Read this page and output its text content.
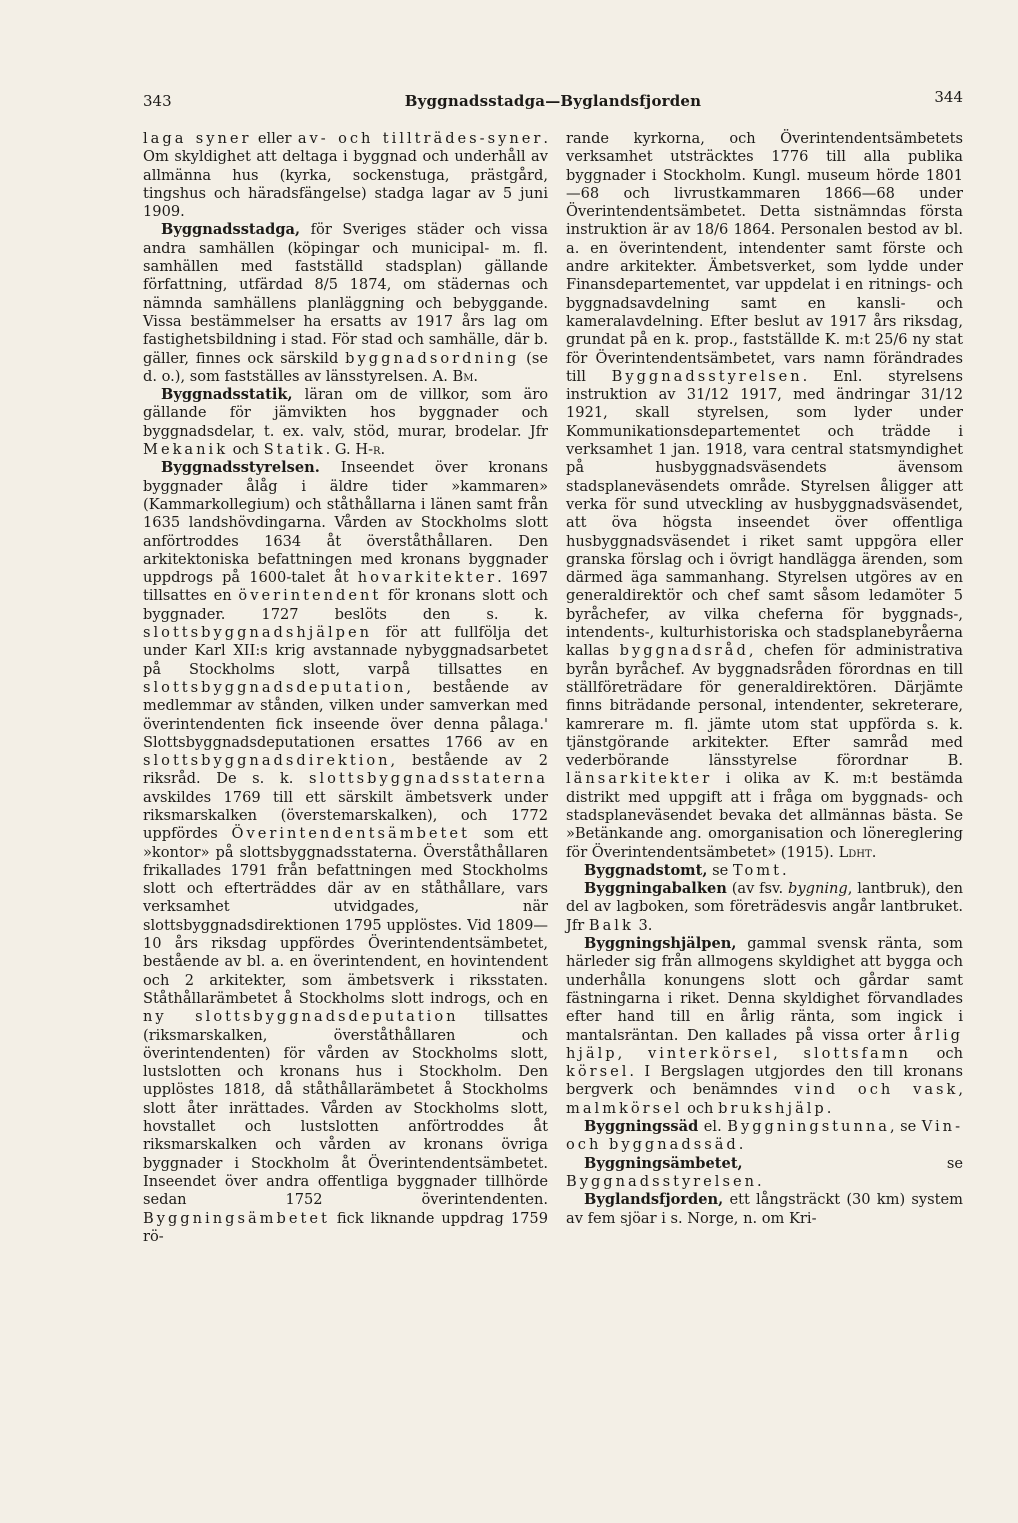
343	Byggnadsstadga—Byglandsfjorden	344

laga syner eller av- och tillträdes-syner. Om skyldighet att deltaga i byggnad och underhåll av allmänna hus (kyrka, sockenstuga, prästgård, tingshus och häradsfängelse) stadga lagar av 5 juni 1909.

Byggnadsstadga, för Sveriges städer och vissa andra samhällen (köpingar och municipal- m. fl. samhällen med fastställd stadsplan) gällande författning, utfärdad 8/5 1874, om städernas och nämnda samhällens planläggning och bebyggande. Vissa bestämmelser ha ersatts av 1917 års lag om fastighetsbildning i stad. För stad och samhälle, där b. gäller, finnes ock särskild byggnadsordning (se d. o.), som fastställes av länsstyrelsen. A. Bm.

Byggnadsstatik, läran om de villkor, som äro gällande för jämvikten hos byggnader och byggnadsdelar, t. ex. valv, stöd, murar, brodelar. Jfr Mekanik och Statik. G. H-r.

Byggnadsstyrelsen. Inseendet över kronans byggnader ålåg i äldre tider »kammaren» (Kammarkollegium) och ståthållarna i länen samt från 1635 landshövdingarna. Vården av Stockholms slott anförtroddes 1634 åt överståthållaren. Den arkitektoniska befattningen med kronans byggnader uppdrogs på 1600-talet åt hovarkitekter. 1697 tillsattes en överintendent för kronans slott och byggnader. 1727 beslöts den s. k. slottsbyggnadshjälpen för att fullfölja det under Karl XII:s krig avstannade nybyggnadsarbetet på Stockholms slott, varpå tillsattes en slottsbyggnadsdeputation, bestående av medlemmar av stånden, vilken under samverkan med överintendenten fick inseende över denna pålaga.' Slottsbyggnadsdeputationen ersattes 1766 av en slottsbyggnadsdirektion, bestående av 2 riksråd. De s. k. slottsbyggnadsstaterna avskildes 1769 till ett särskilt ämbetsverk under riksmarskalken (överstemarskalken), och 1772 uppfördes Överintendentsämbetet som ett »kontor» på slottsbyggnadsstaterna. Överståthållaren frikallades 1791 från befattningen med Stockholms slott och efterträddes där av en ståthållare, vars verksamhet utvidgades, när slottsbyggnadsdirektionen 1795 upplöstes. Vid 1809—10 års riksdag uppfördes Överintendentsämbetet, bestående av bl. a. en överintendent, en hovintendent och 2 arkitekter, som ämbetsverk i riksstaten. Ståthållarämbetet å Stockholms slott indrogs, och en ny slottsbyggnadsdeputation tillsattes (riksmarskalken, överståthållaren och överintendenten) för vården av Stockholms slott, lustslotten och kronans hus i Stockholm. Den upplöstes 1818, då ståthållarämbetet å Stockholms slott åter inrättades. Vården av Stockholms slott, hovstallet och lustslotten anförtroddes åt riksmarskalken och vården av kronans övriga byggnader i Stockholm åt Överintendentsämbetet. Inseendet över andra offentliga byggnader tillhörde sedan 1752 överintendenten. Byggningsämbetet fick liknande uppdrag 1759 rö-

rande kyrkorna, och Överintendentsämbetets verksamhet utsträcktes 1776 till alla publika byggnader i Stockholm. Kungl. museum hörde 1801—68 och livrustkammaren 1866—68 under Överintendentsämbetet. Detta sistnämndas första instruktion är av 18/6 1864. Personalen bestod av bl. a. en överintendent, intendenter samt förste och andre arkitekter. Ämbetsverket, som lydde under Finansdepartementet, var uppdelat i en ritnings- och byggnadsavdelning samt en kansli- och kameralavdelning. Efter beslut av 1917 års riksdag, grundat på en k. prop., fastställde K. m:t 25/6 ny stat för Överintendentsämbetet, vars namn förändrades till Byggnadsstyrelsen. Enl. styrelsens instruktion av 31/12 1917, med ändringar 31/12 1921, skall styrelsen, som lyder under Kommunikationsdepartementet och trädde i verksamhet 1 jan. 1918, vara central statsmyndighet på husbyggnadsväsendets ävensom stadsplaneväsendets område. Styrelsen åligger att verka för sund utveckling av husbyggnadsväsendet, att öva högsta inseendet över offentliga husbyggnadsväsendet i riket samt uppgöra eller granska förslag och i övrigt handlägga ärenden, som därmed äga sammanhang. Styrelsen utgöres av en generaldirektör och chef samt såsom ledamöter 5 byråchefer, av vilka cheferna för byggnads-, intendents-, kulturhistoriska och stadsplanebyråerna kallas byggnadsråd, chefen för administrativa byrån byråchef. Av byggnadsråden förordnas en till ställföreträdare för generaldirektören. Därjämte finns biträdande personal, intendenter, sekreterare, kamrerare m. fl. jämte utom stat uppförda s. k. tjänstgörande arkitekter. Efter samråd med vederbörande länsstyrelse förordnar B. länsarkitekter i olika av K. m:t bestämda distrikt med uppgift att i fråga om byggnads- och stadsplaneväsendet bevaka det allmännas bästa. Se »Betänkande ang. omorganisation och lönereglering för Överintendentsämbetet» (1915). Ldht.

Byggnadstomt, se Tomt.

Byggningabalken (av fsv. bygning, lantbruk), den del av lagboken, som företrädesvis angår lantbruket. Jfr Balk 3.

Byggningshjälpen, gammal svensk ränta, som härleder sig från allmogens skyldighet att bygga och underhålla konungens slott och gårdar samt fästningarna i riket. Denna skyldighet förvandlades efter hand till en årlig ränta, som ingick i mantalsräntan. Den kallades på vissa orter årlig hjälp, vinterkörsel, slottsfamn och körsel. I Bergslagen utgjordes den till kronans bergverk och benämndes vind och vask, malmkörsel och brukshjälp.

Byggningssäd el. Byggningstunna, se Vin- och byggnadssäd.

Byggningsämbetet, se Byggnadsstyrelsen.

Byglandsfjorden, ett långsträckt (30 km) system av fem sjöar i s. Norge, n. om Kri-
